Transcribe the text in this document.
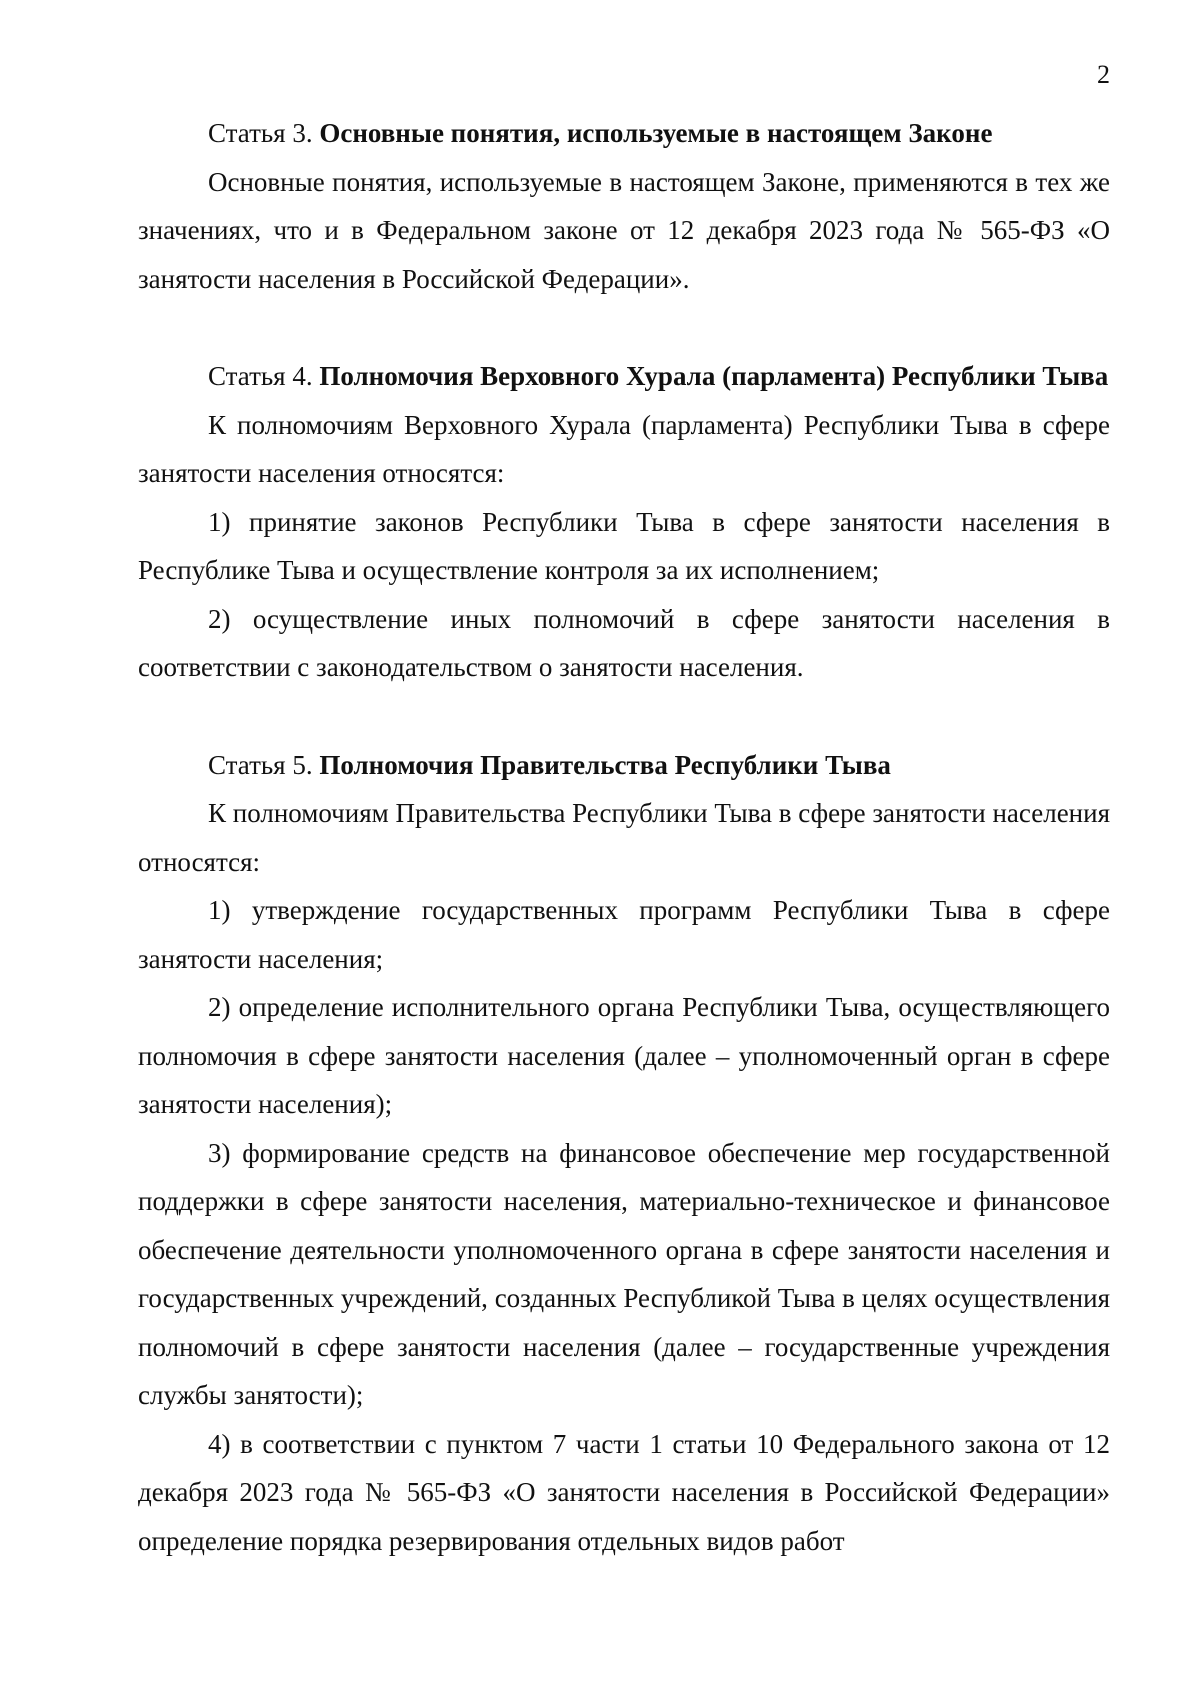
2

Статья 3. Основные понятия, используемые в настоящем Законе

Основные понятия, используемые в настоящем Законе, применяются в тех же значениях, что и в Федеральном законе от 12 декабря 2023 года № 565-ФЗ «О занятости населения в Российской Федерации».

Статья 4. Полномочия Верховного Хурала (парламента) Республики Тыва

К полномочиям Верховного Хурала (парламента) Республики Тыва в сфере занятости населения относятся:

1) принятие законов Республики Тыва в сфере занятости населения в Республике Тыва и осуществление контроля за их исполнением;

2) осуществление иных полномочий в сфере занятости населения в соответствии с законодательством о занятости населения.

Статья 5. Полномочия Правительства Республики Тыва

К полномочиям Правительства Республики Тыва в сфере занятости населения относятся:

1) утверждение государственных программ Республики Тыва в сфере занятости населения;

2) определение исполнительного органа Республики Тыва, осуществляющего полномочия в сфере занятости населения (далее – уполномоченный орган в сфере занятости населения);

3) формирование средств на финансовое обеспечение мер государственной поддержки в сфере занятости населения, материально-техническое и финансовое обеспечение деятельности уполномоченного органа в сфере занятости населения и государственных учреждений, созданных Республикой Тыва в целях осуществления полномочий в сфере занятости населения (далее – государственные учреждения службы занятости);

4) в соответствии с пунктом 7 части 1 статьи 10 Федерального закона от 12 декабря 2023 года № 565-ФЗ «О занятости населения в Российской Федерации» определение порядка резервирования отдельных видов работ
